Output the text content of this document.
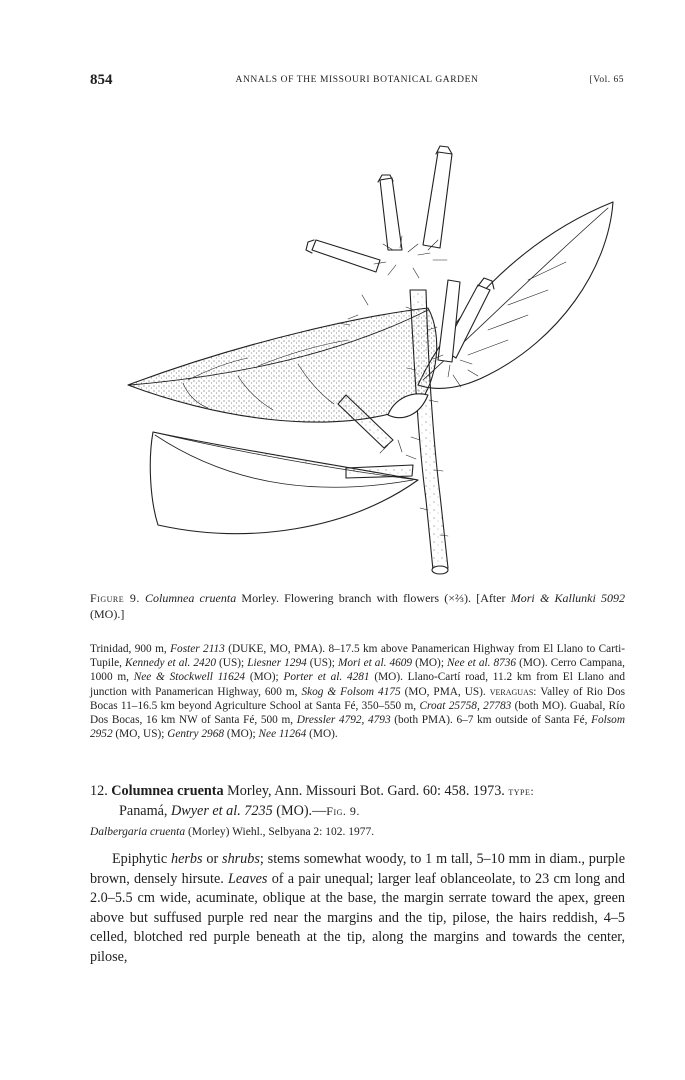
854	ANNALS OF THE MISSOURI BOTANICAL GARDEN	[Vol. 65
Figure 9. Columnea cruenta Morley. Flowering branch with flowers (×⅔). [After Mori & Kallunki 5092 (MO).]
Trinidad, 900 m, Foster 2113 (DUKE, MO, PMA). 8–17.5 km above Panamerican Highway from El Llano to Carti-Tupile, Kennedy et al. 2420 (US); Liesner 1294 (US); Mori et al. 4609 (MO); Nee et al. 8736 (MO). Cerro Campana, 1000 m, Nee & Stockwell 11624 (MO); Porter et al. 4281 (MO). Llano-Cartí road, 11.2 km from El Llano and junction with Panamerican Highway, 600 m, Skog & Folsom 4175 (MO, PMA, US). veraguas: Valley of Rio Dos Bocas 11–16.5 km beyond Agriculture School at Santa Fé, 350–550 m, Croat 25758, 27783 (both MO). Guabal, Río Dos Bocas, 16 km NW of Santa Fé, 500 m, Dressler 4792, 4793 (both PMA). 6–7 km outside of Santa Fé, Folsom 2952 (MO, US); Gentry 2968 (MO); Nee 11264 (MO).
12. Columnea cruenta Morley, Ann. Missouri Bot. Gard. 60: 458. 1973. type:
Panamá, Dwyer et al. 7235 (MO).—Fig. 9.
Dalbergaria cruenta (Morley) Wiehl., Selbyana 2: 102. 1977.
Epiphytic herbs or shrubs; stems somewhat woody, to 1 m tall, 5–10 mm in diam., purple brown, densely hirsute. Leaves of a pair unequal; larger leaf oblanceolate, to 23 cm long and 2.0–5.5 cm wide, acuminate, oblique at the base, the margin serrate toward the apex, green above but suffused purple red near the margins and the tip, pilose, the hairs reddish, 4–5 celled, blotched red purple beneath at the tip, along the margins and towards the center, pilose,
